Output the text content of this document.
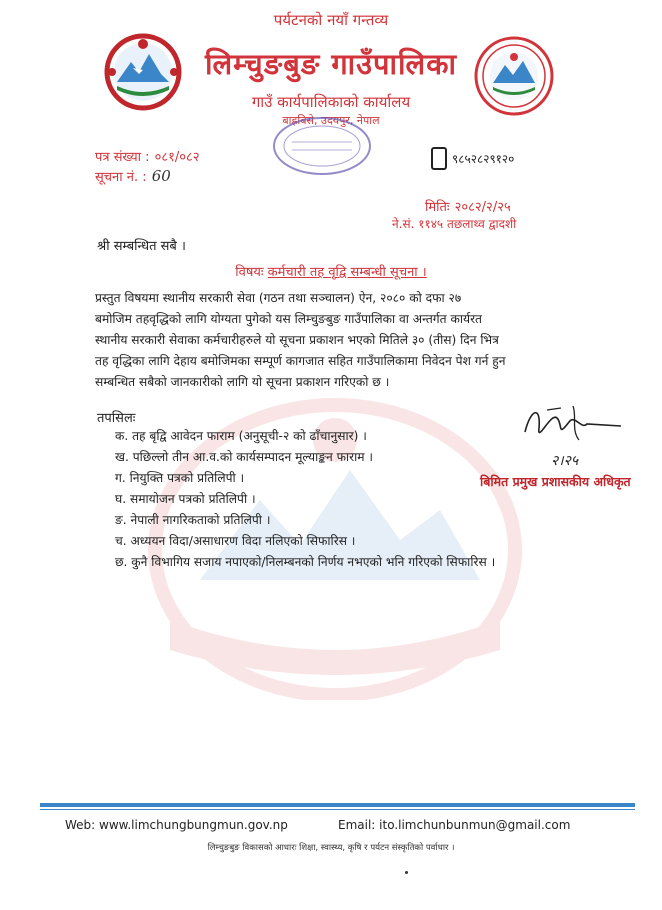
पर्यटनको नयाँ गन्तव्य
लिम्चुङबुङ गाउँपालिका
गाउँ कार्यपालिकाको कार्यालय
बाह्रबिसे, उदयपुर, नेपाल
पत्र संख्या : ०८१/०८२
सूचना नं. : 60
९८५२८२९१२०
मितिः २०८२/२/२५
ने.सं. ११४५ तछलाथ्व द्वादशी
श्री सम्बन्धित सबै ।
विषयः कर्मचारी तह वृद्वि सम्बन्धी सूचना ।
प्रस्तुत विषयमा स्थानीय सरकारी सेवा (गठन तथा सञ्चालन) ऐन, २०८० को दफा २७
बमोजिम तहवृद्धिको लागि योग्यता पुगेको यस लिम्चुङबुङ गाउँपालिका वा अन्तर्गत कार्यरत
स्थानीय सरकारी सेवाका कर्मचारीहरुले यो सूचना प्रकाशन भएको मितिले ३० (तीस) दिन भित्र
तह वृद्धिका लागि देहाय बमोजिमका सम्पूर्ण कागजात सहित गाउँपालिकामा निवेदन पेश गर्न हुन
सम्बन्धित सबैको जानकारीको लागि यो सूचना प्रकाशन गरिएको छ ।
तपसिलः
क. तह बृद्वि आवेदन फाराम (अनुसूची-२ को ढाँचानुसार) ।
ख. पछिल्लो तीन आ.व.को कार्यसम्पादन मूल्याङ्कन फाराम ।
ग. नियुक्ति पत्रको प्रतिलिपी ।
घ. समायोजन पत्रको प्रतिलिपी ।
ङ. नेपाली नागरिकताको प्रतिलिपी ।
च. अध्ययन विदा/असाधारण विदा नलिएको सिफारिस ।
छ. कुनै विभागिय सजाय नपाएको/निलम्बनको निर्णय नभएको भनि गरिएको सिफारिस ।
२।२५
बिमित प्रमुख प्रशासकीय अधिकृत
Web: www.limchungbungmun.gov.np	Email: ito.limchunbunmun@gmail.com
लिम्चुङबुङ विकासको आधारः शिक्षा, स्वास्थ्य, कृषि र पर्यटन संस्कृतिको पर्वाधार ।
